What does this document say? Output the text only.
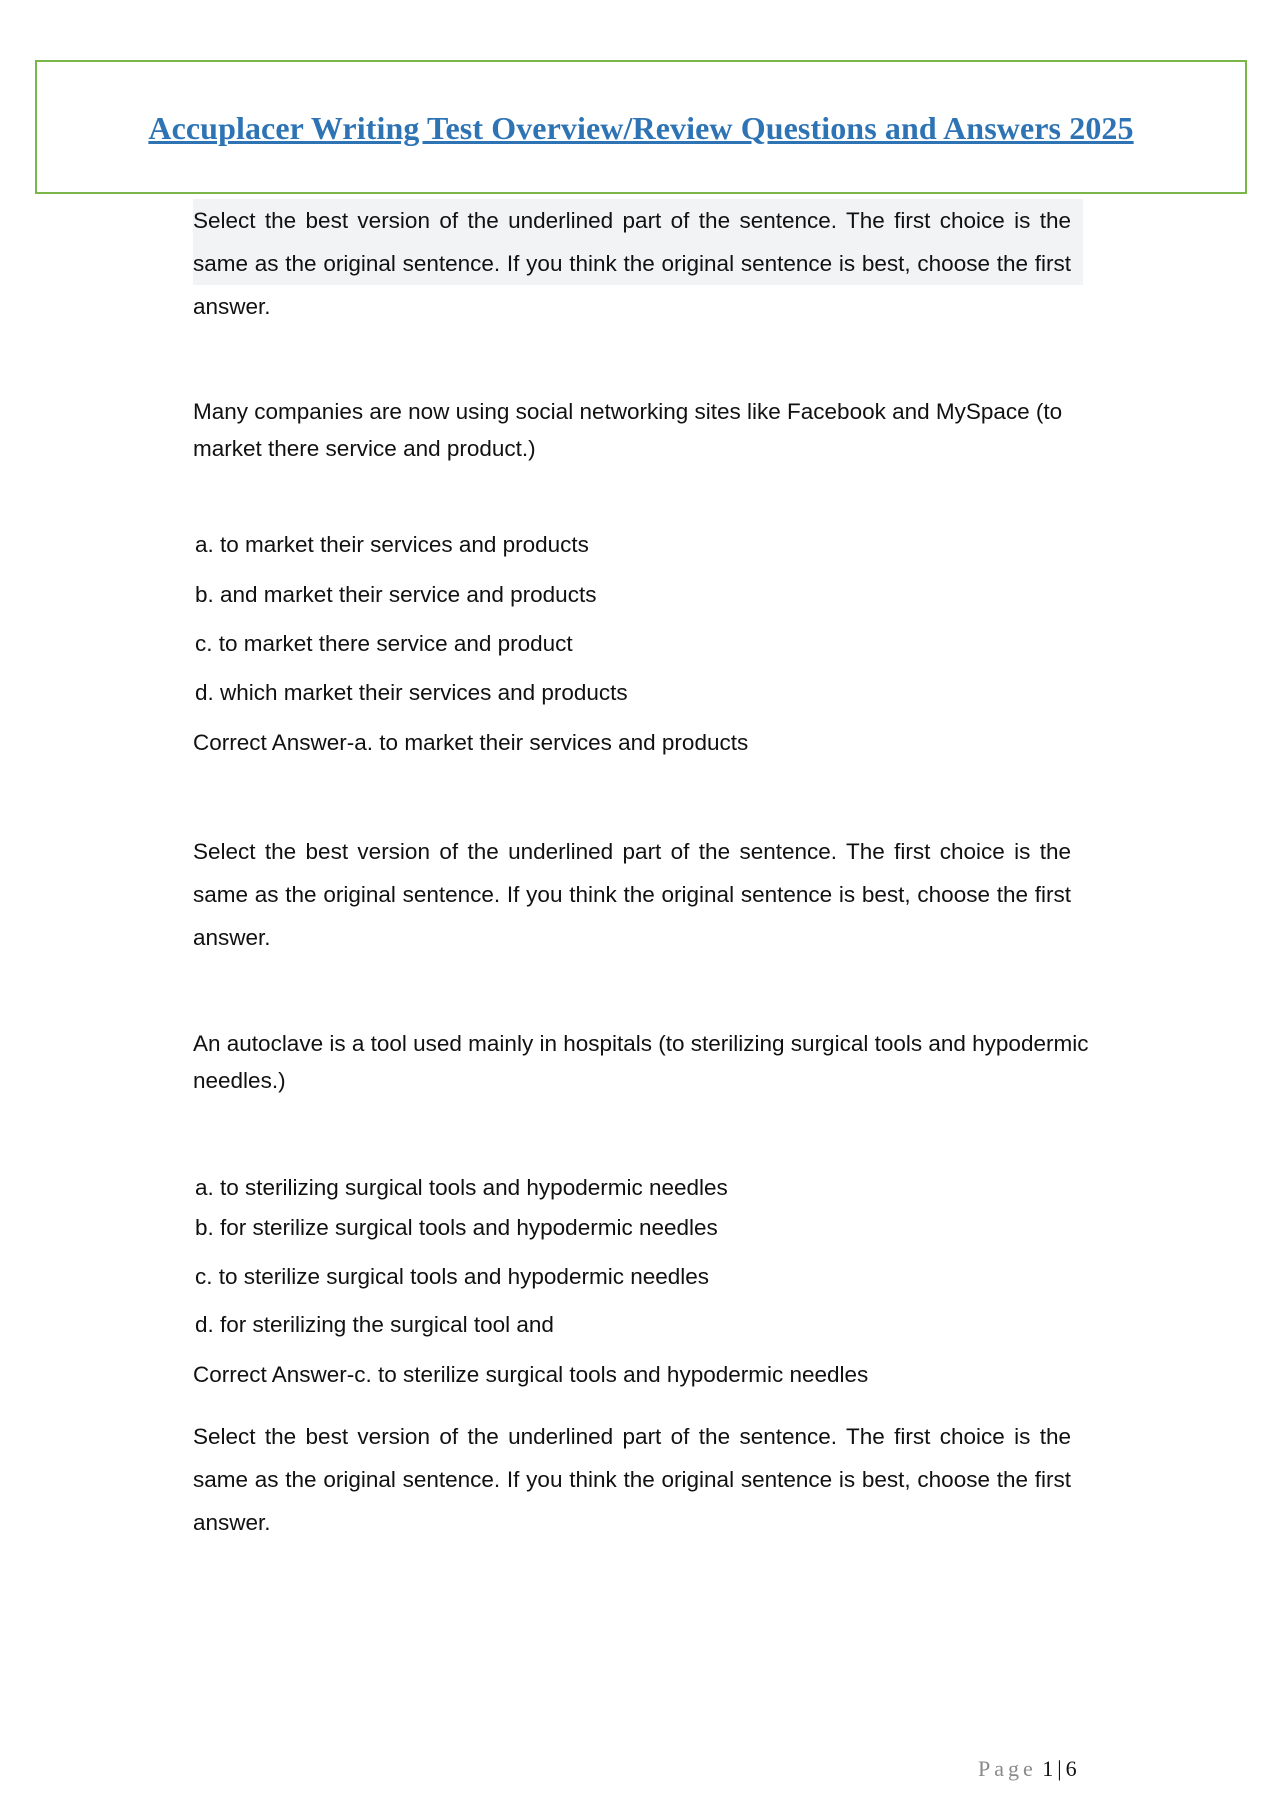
Accuplacer Writing Test Overview/Review Questions and Answers 2025
Select the best version of the underlined part of the sentence. The first choice is the same as the original sentence. If you think the original sentence is best, choose the first answer.
Many companies are now using social networking sites like Facebook and MySpace (to market there service and product.)
a. to market their services and products
b. and market their service and products
c. to market there service and product
d. which market their services and products
Correct Answer-a. to market their services and products
Select the best version of the underlined part of the sentence. The first choice is the same as the original sentence. If you think the original sentence is best, choose the first answer.
An autoclave is a tool used mainly in hospitals (to sterilizing surgical tools and hypodermic needles.)
a. to sterilizing surgical tools and hypodermic needles
b. for sterilize surgical tools and hypodermic needles
c. to sterilize surgical tools and hypodermic needles
d. for sterilizing the surgical tool and
Correct Answer-c. to sterilize surgical tools and hypodermic needles
Select the best version of the underlined part of the sentence. The first choice is the same as the original sentence. If you think the original sentence is best, choose the first answer.
Page 1 | 6
